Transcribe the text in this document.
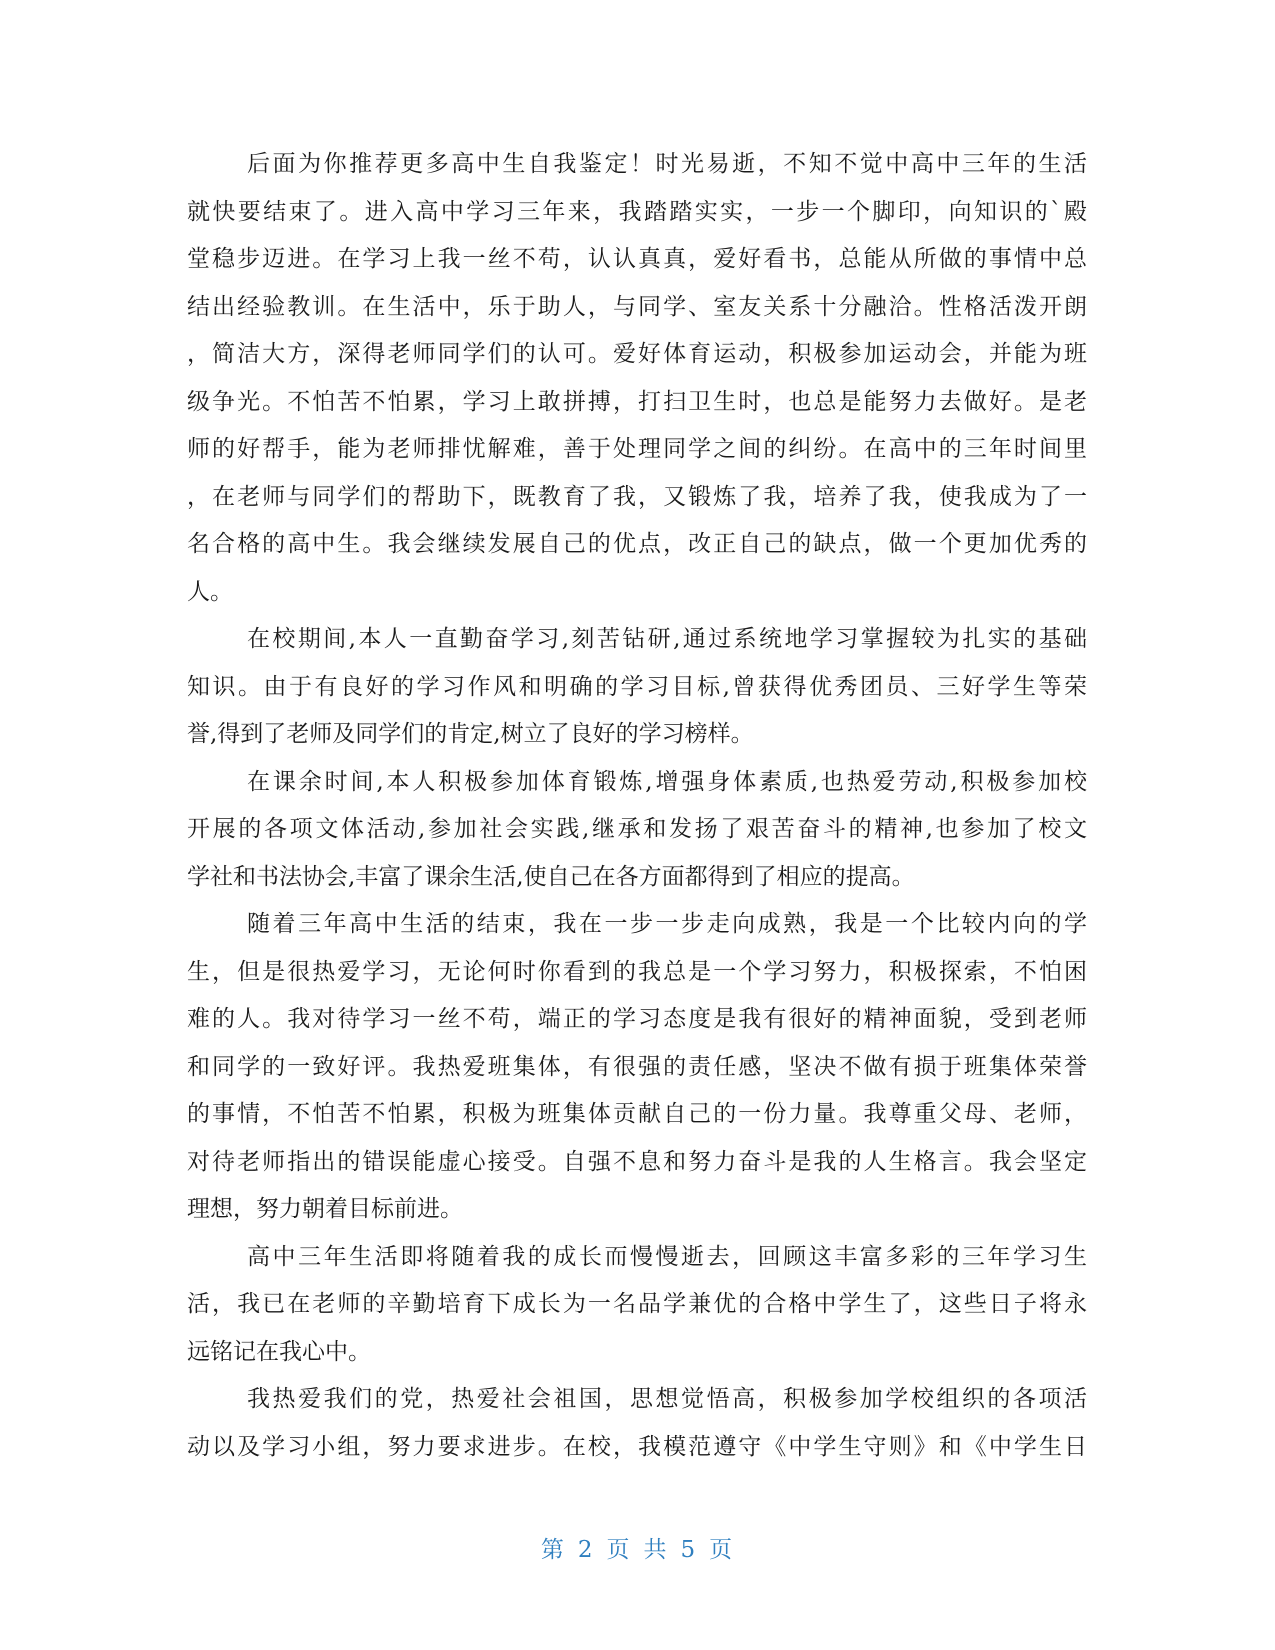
后面为你推荐更多高中生自我鉴定！时光易逝，不知不觉中高中三年的生活
就快要结束了。进入高中学习三年来，我踏踏实实，一步一个脚印，向知识的`殿
堂稳步迈进。在学习上我一丝不苟，认认真真，爱好看书，总能从所做的事情中总
结出经验教训。在生活中，乐于助人，与同学、室友关系十分融洽。性格活泼开朗
，简洁大方，深得老师同学们的认可。爱好体育运动，积极参加运动会，并能为班
级争光。不怕苦不怕累，学习上敢拼搏，打扫卫生时，也总是能努力去做好。是老
师的好帮手，能为老师排忧解难，善于处理同学之间的纠纷。在高中的三年时间里
，在老师与同学们的帮助下，既教育了我，又锻炼了我，培养了我，使我成为了一
名合格的高中生。我会继续发展自己的优点，改正自己的缺点，做一个更加优秀的
人。
在校期间,本人一直勤奋学习,刻苦钻研,通过系统地学习掌握较为扎实的基础
知识。由于有良好的学习作风和明确的学习目标,曾获得优秀团员、三好学生等荣
誉,得到了老师及同学们的肯定,树立了良好的学习榜样。
在课余时间,本人积极参加体育锻炼,增强身体素质,也热爱劳动,积极参加校
开展的各项文体活动,参加社会实践,继承和发扬了艰苦奋斗的精神,也参加了校文
学社和书法协会,丰富了课余生活,使自己在各方面都得到了相应的提高。
随着三年高中生活的结束，我在一步一步走向成熟，我是一个比较内向的学
生，但是很热爱学习，无论何时你看到的我总是一个学习努力，积极探索，不怕困
难的人。我对待学习一丝不苟，端正的学习态度是我有很好的精神面貌，受到老师
和同学的一致好评。我热爱班集体，有很强的责任感，坚决不做有损于班集体荣誉
的事情，不怕苦不怕累，积极为班集体贡献自己的一份力量。我尊重父母、老师，
对待老师指出的错误能虚心接受。自强不息和努力奋斗是我的人生格言。我会坚定
理想，努力朝着目标前进。
高中三年生活即将随着我的成长而慢慢逝去，回顾这丰富多彩的三年学习生
活，我已在老师的辛勤培育下成长为一名品学兼优的合格中学生了，这些日子将永
远铭记在我心中。
我热爱我们的党，热爱社会祖国，思想觉悟高，积极参加学校组织的各项活
动以及学习小组，努力要求进步。在校，我模范遵守《中学生守则》和《中学生日
第 2 页 共 5 页
